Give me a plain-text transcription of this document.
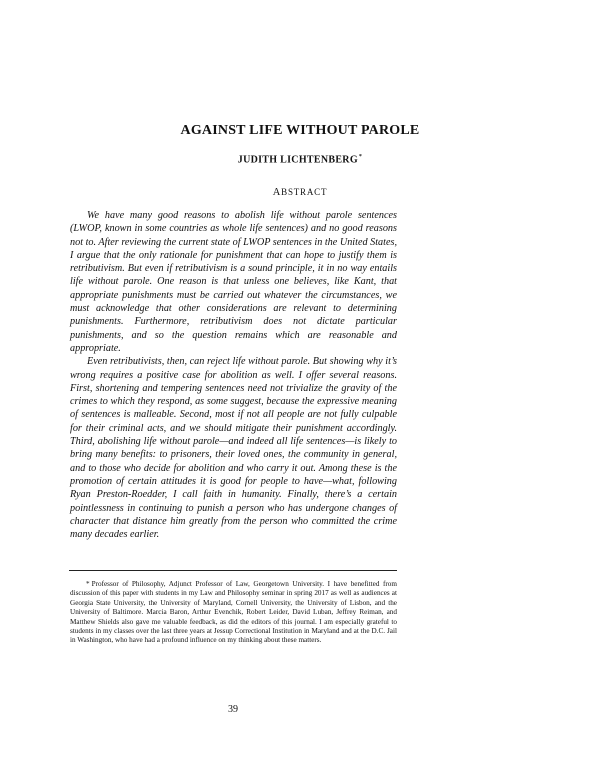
AGAINST LIFE WITHOUT PAROLE
JUDITH LICHTENBERG*
ABSTRACT

We have many good reasons to abolish life without parole sentences (LWOP, known in some countries as whole life sentences) and no good reasons not to. After reviewing the current state of LWOP sentences in the United States, I argue that the only rationale for punishment that can hope to justify them is retributivism. But even if retributivism is a sound principle, it in no way entails life without parole. One reason is that unless one believes, like Kant, that appropriate punishments must be carried out whatever the circumstances, we must acknowledge that other considerations are relevant to determining punishments. Furthermore, retributivism does not dictate particular punishments, and so the question remains which are reasonable and appropriate.

Even retributivists, then, can reject life without parole. But showing why it’s wrong requires a positive case for abolition as well. I offer several reasons. First, shortening and tempering sentences need not trivialize the gravity of the crimes to which they respond, as some suggest, because the expressive meaning of sentences is malleable. Second, most if not all people are not fully culpable for their criminal acts, and we should mitigate their punishment accordingly. Third, abolishing life without parole—and indeed all life sentences—is likely to bring many benefits: to prisoners, their loved ones, the community in general, and to those who decide for abolition and who carry it out. Among these is the promotion of certain attitudes it is good for people to have—what, following Ryan Preston-Roedder, I call faith in humanity. Finally, there’s a certain pointlessness in continuing to punish a person who has undergone changes of character that distance him greatly from the person who committed the crime many decades earlier.

* Professor of Philosophy, Adjunct Professor of Law, Georgetown University. I have benefitted from discussion of this paper with students in my Law and Philosophy seminar in spring 2017 as well as audiences at Georgia State University, the University of Maryland, Cornell University, the University of Lisbon, and the University of Baltimore. Marcia Baron, Arthur Evenchik, Robert Leider, David Luban, Jeffrey Reiman, and Matthew Shields also gave me valuable feedback, as did the editors of this journal. I am especially grateful to students in my classes over the last three years at Jessup Correctional Institution in Maryland and at the D.C. Jail in Washington, who have had a profound influence on my thinking about these matters.
39
